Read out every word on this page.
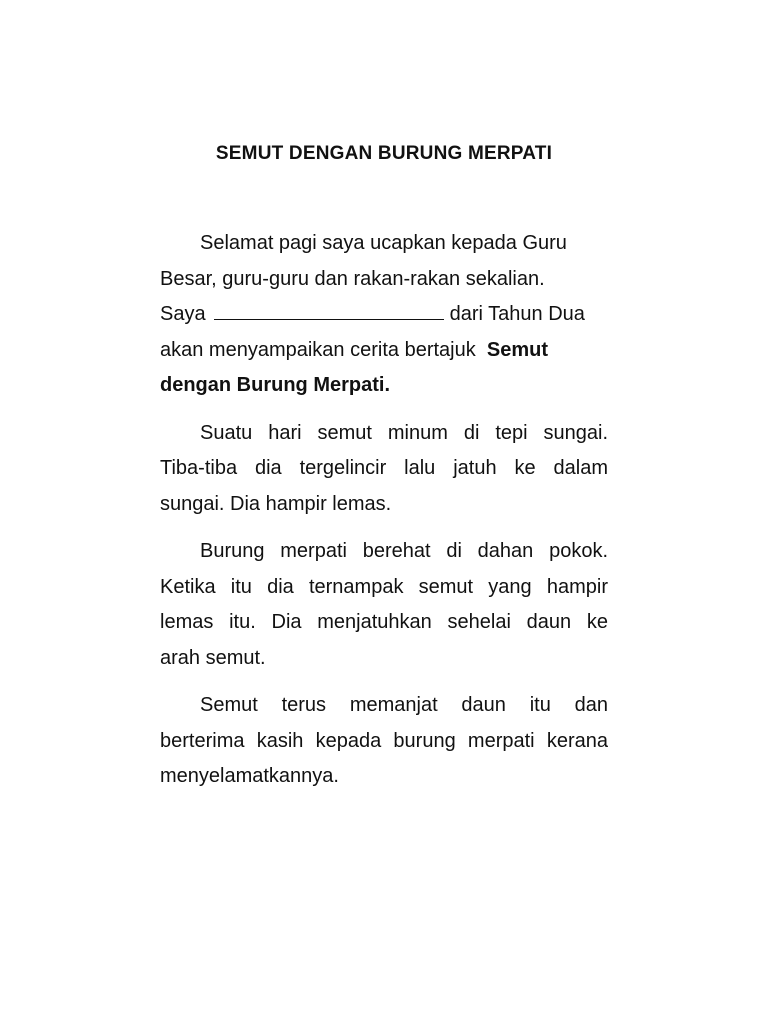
SEMUT DENGAN BURUNG MERPATI
Selamat pagi saya ucapkan kepada Guru
Besar, guru-guru dan rakan-rakan sekalian.
Saya	dari Tahun Dua
akan menyampaikan cerita bertajuk Semut
dengan Burung Merpati.
Suatu hari semut minum di tepi sungai.
Tiba-tiba dia tergelincir lalu jatuh ke dalam
sungai. Dia hampir lemas.
Burung merpati berehat di dahan pokok.
Ketika itu dia ternampak semut yang hampir
lemas itu. Dia menjatuhkan sehelai daun ke
arah semut.
Semut terus memanjat daun itu dan
berterima kasih kepada burung merpati kerana
menyelamatkannya.
